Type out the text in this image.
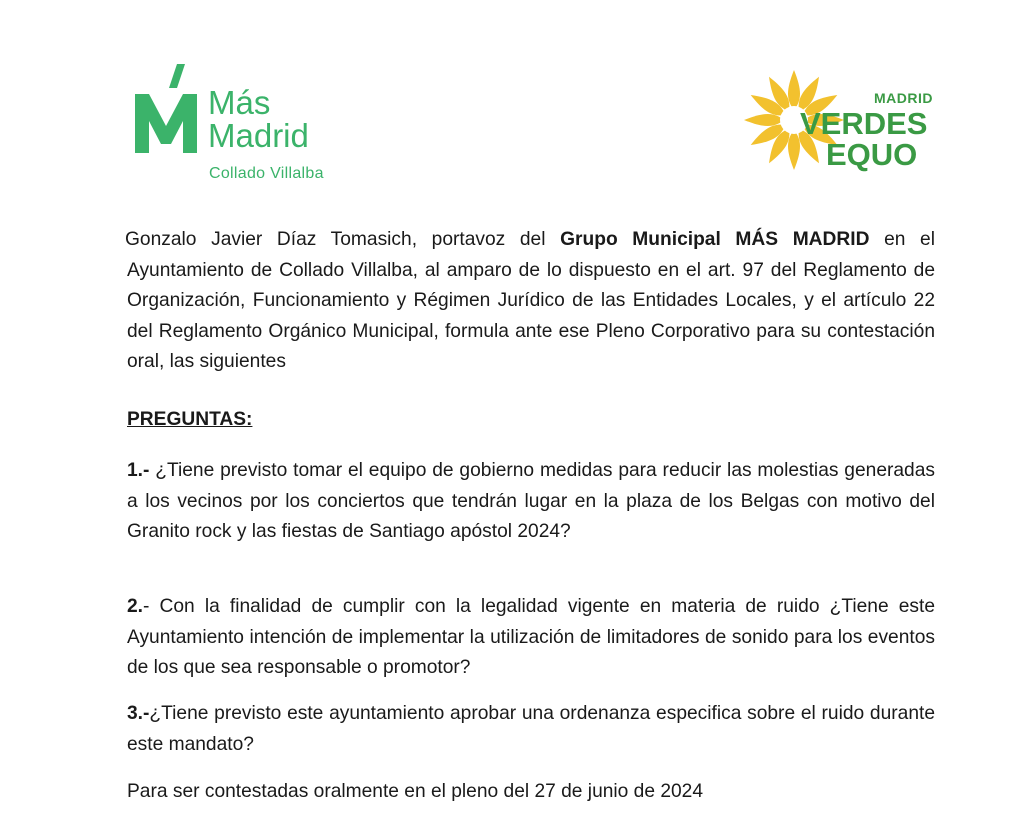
Más
Madrid
Collado Villalba
MADRID
VERDES
EQUO

Gonzalo Javier Díaz Tomasich, portavoz del Grupo Municipal MÁS MADRID en el Ayuntamiento de Collado Villalba, al amparo de lo dispuesto en el art. 97 del Reglamento de Organización, Funcionamiento y Régimen Jurídico de las Entidades Locales, y el artículo 22 del Reglamento Orgánico Municipal, formula ante ese Pleno Corporativo para su contestación oral, las siguientes

PREGUNTAS:

1.- ¿Tiene previsto tomar el equipo de gobierno medidas para reducir las molestias generadas a los vecinos por los conciertos que tendrán lugar en la plaza de los Belgas con motivo del Granito rock y las fiestas de Santiago apóstol 2024?

2.- Con la finalidad de cumplir con la legalidad vigente en materia de ruido ¿Tiene este Ayuntamiento intención de implementar la utilización de limitadores de sonido para los eventos de los que sea responsable o promotor?

3.-¿Tiene previsto este ayuntamiento aprobar una ordenanza especifica sobre el ruido durante este mandato?

Para ser contestadas oralmente en el pleno del 27 de junio de 2024
